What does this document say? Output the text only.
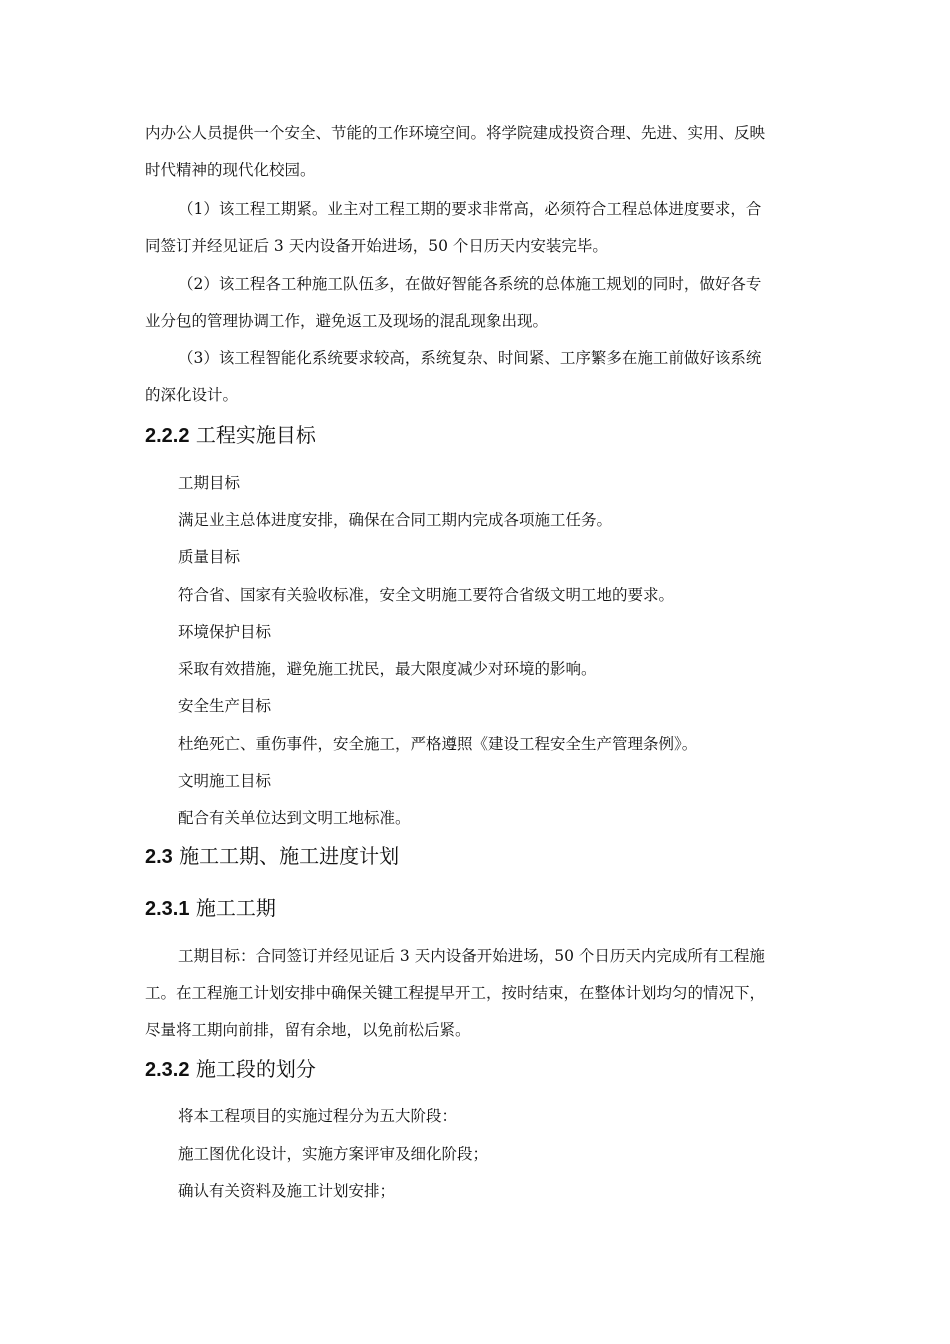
内办公人员提供一个安全、节能的工作环境空间。将学院建成投资合理、先进、实用、反映
时代精神的现代化校园。
（1）该工程工期紧。业主对工程工期的要求非常高，必须符合工程总体进度要求，合
同签订并经见证后 3 天内设备开始进场，50 个日历天内安装完毕。
（2）该工程各工种施工队伍多，在做好智能各系统的总体施工规划的同时，做好各专
业分包的管理协调工作，避免返工及现场的混乱现象出现。
（3）该工程智能化系统要求较高，系统复杂、时间紧、工序繁多在施工前做好该系统
的深化设计。
2.2.2 工程实施目标
工期目标
满足业主总体进度安排，确保在合同工期内完成各项施工任务。
质量目标
符合省、国家有关验收标准，安全文明施工要符合省级文明工地的要求。
环境保护目标
采取有效措施，避免施工扰民，最大限度减少对环境的影响。
安全生产目标
杜绝死亡、重伤事件，安全施工，严格遵照《建设工程安全生产管理条例》。
文明施工目标
配合有关单位达到文明工地标准。
2.3 施工工期、施工进度计划
2.3.1 施工工期
工期目标：合同签订并经见证后 3 天内设备开始进场，50 个日历天内完成所有工程施
工。在工程施工计划安排中确保关键工程提早开工，按时结束，在整体计划均匀的情况下，
尽量将工期向前排，留有余地，以免前松后紧。
2.3.2 施工段的划分
将本工程项目的实施过程分为五大阶段：
施工图优化设计，实施方案评审及细化阶段；
确认有关资料及施工计划安排；
